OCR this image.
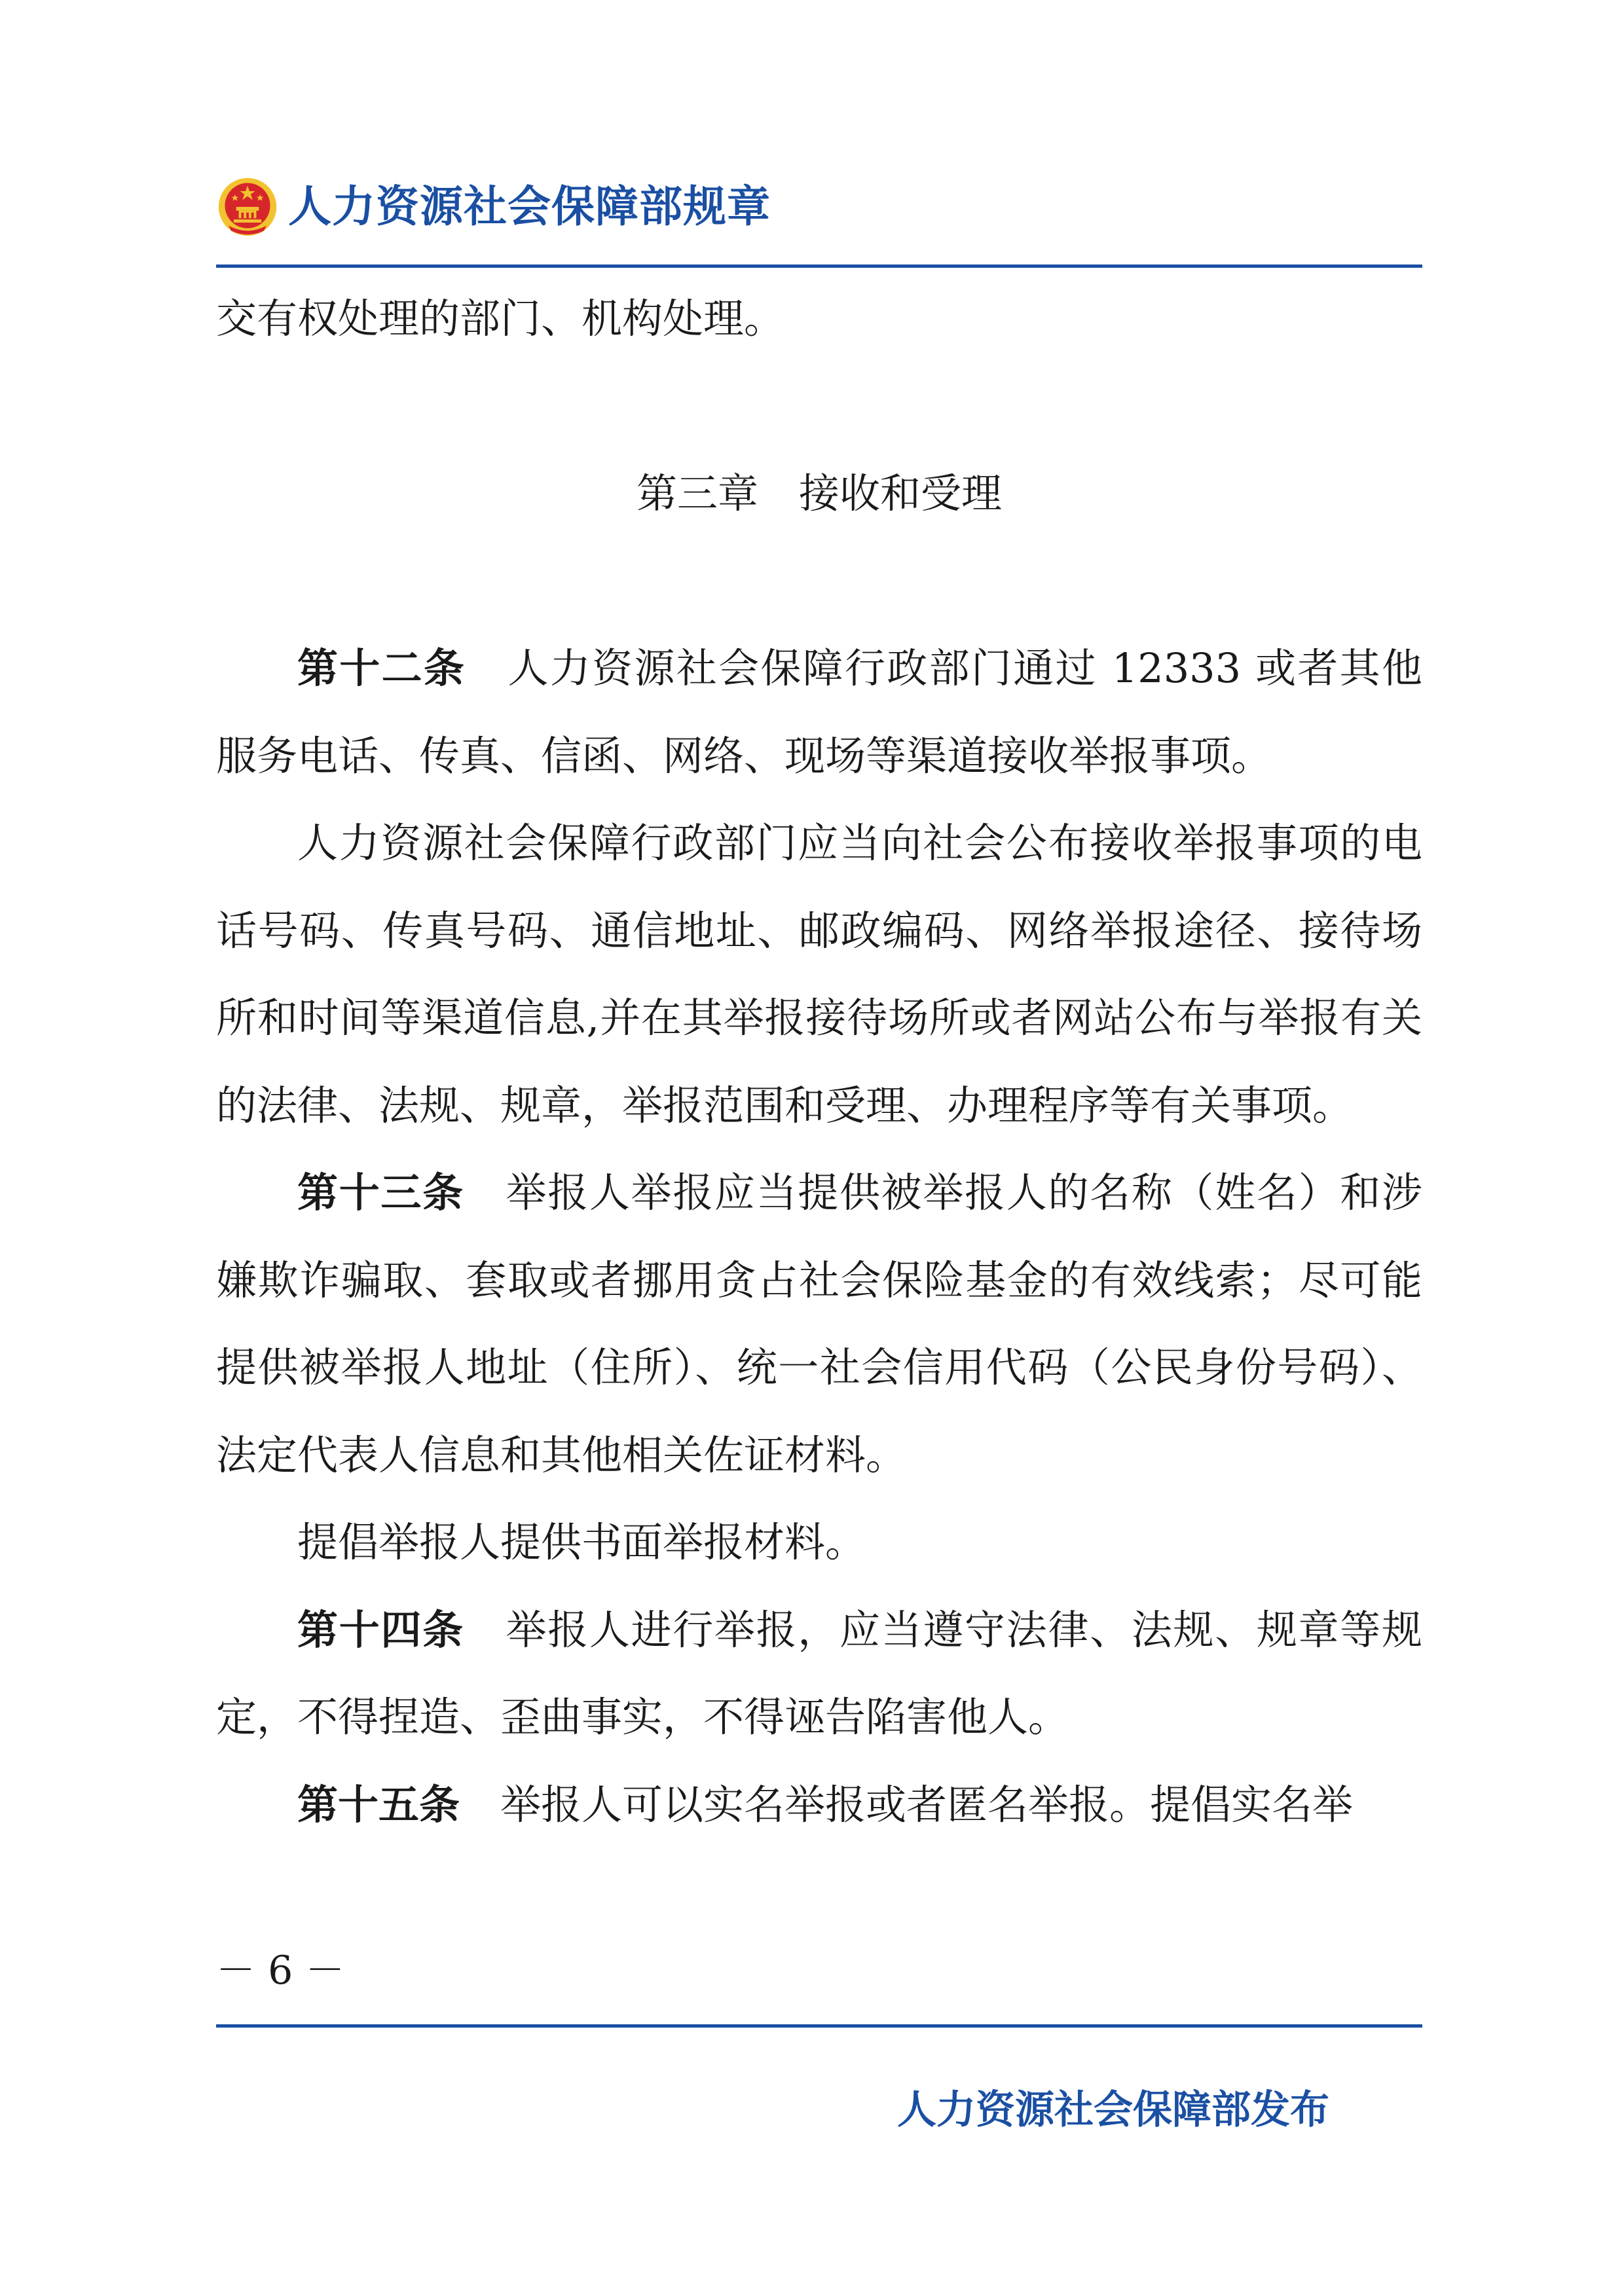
人力资源社会保障部规章

交有权处理的部门、机构处理。

第三章　接收和受理

第十二条　人力资源社会保障行政部门通过 12333 或者其他服务电话、传真、信函、网络、现场等渠道接收举报事项。

人力资源社会保障行政部门应当向社会公布接收举报事项的电话号码、传真号码、通信地址、邮政编码、网络举报途径、接待场所和时间等渠道信息,并在其举报接待场所或者网站公布与举报有关的法律、法规、规章，举报范围和受理、办理程序等有关事项。

第十三条　举报人举报应当提供被举报人的名称（姓名）和涉嫌欺诈骗取、套取或者挪用贪占社会保险基金的有效线索；尽可能提供被举报人地址（住所）、统一社会信用代码（公民身份号码）、法定代表人信息和其他相关佐证材料。

提倡举报人提供书面举报材料。

第十四条　举报人进行举报，应当遵守法律、法规、规章等规定，不得捏造、歪曲事实，不得诬告陷害他人。

第十五条　举报人可以实名举报或者匿名举报。提倡实名举

－ 6 －
人力资源社会保障部发布
